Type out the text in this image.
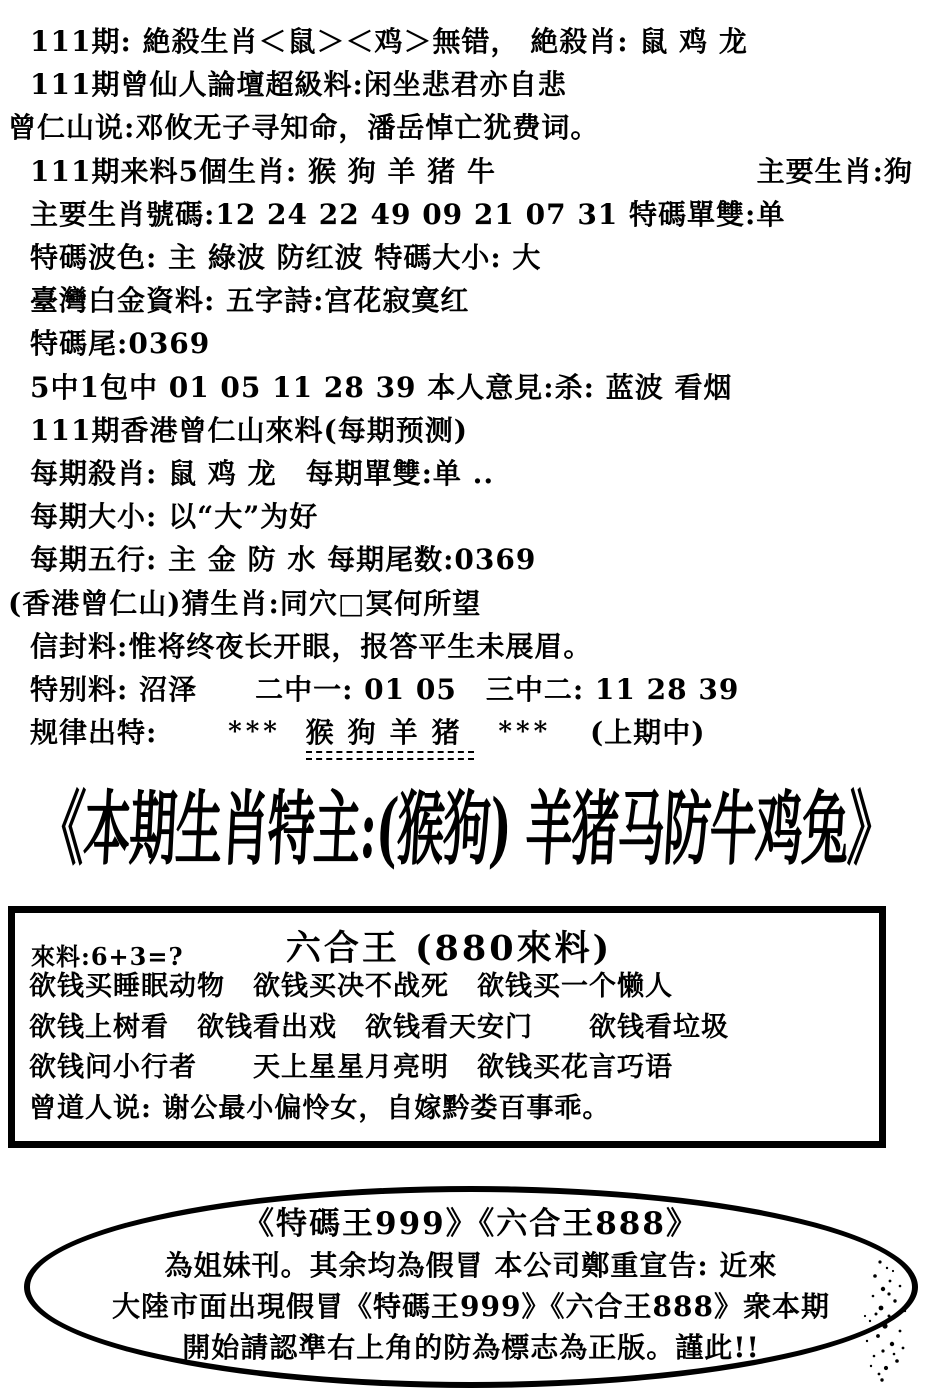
111期: 絶殺生肖＜鼠＞＜鸡＞無错， 絶殺肖: 鼠 鸡 龙
111期曾仙人論壇超級料:闲坐悲君亦自悲
曾仁山说:邓攸无子寻知命，潘岳悼亡犹费词。
111期来料5個生肖: 猴 狗 羊 猪 牛	主要生肖:狗
主要生肖號碼:12 24 22 49 09 21 07 31 特碼單雙:单
特碼波色: 主 綠波 防红波 特碼大小: 大
臺灣白金資料: 五字詩:宫花寂寞红
特碼尾:0369
5中1包中 01 05 11 28 39 本人意見:杀: 蓝波 看烟
111期香港曾仁山來料(每期预测)
每期殺肖: 鼠 鸡 龙　每期單雙:单 ..
每期大小: 以“大”为好
每期五行: 主 金 防 水 每期尾数:0369
(香港曾仁山)猜生肖:同穴□冥何所望
信封料:惟将终夜长开眼，报答平生未展眉。
特别料: 沼泽　　二中一: 01 05　三中二: 11 28 39
规律出特:	*** 猴狗羊猪 *** (上期中)
《本期生肖特主:(猴狗) 羊猪马防牛鸡兔》
來料:6+3=?	六合王 (880來料)
欲钱买睡眠动物　欲钱买决不战死　欲钱买一个懒人
欲钱上树看　欲钱看出戏　欲钱看天安门　　欲钱看垃圾
欲钱问小行者　　天上星星月亮明　欲钱买花言巧语
曾道人说: 谢公最小偏怜女，自嫁黔娄百事乖。
《特碼王999》《六合王888》
為姐妹刊。其余均為假冒 本公司鄭重宣告: 近來
大陸市面出現假冒《特碼王999》《六合王888》衆本期
開始請認準右上角的防為標志為正版。謹此!!
